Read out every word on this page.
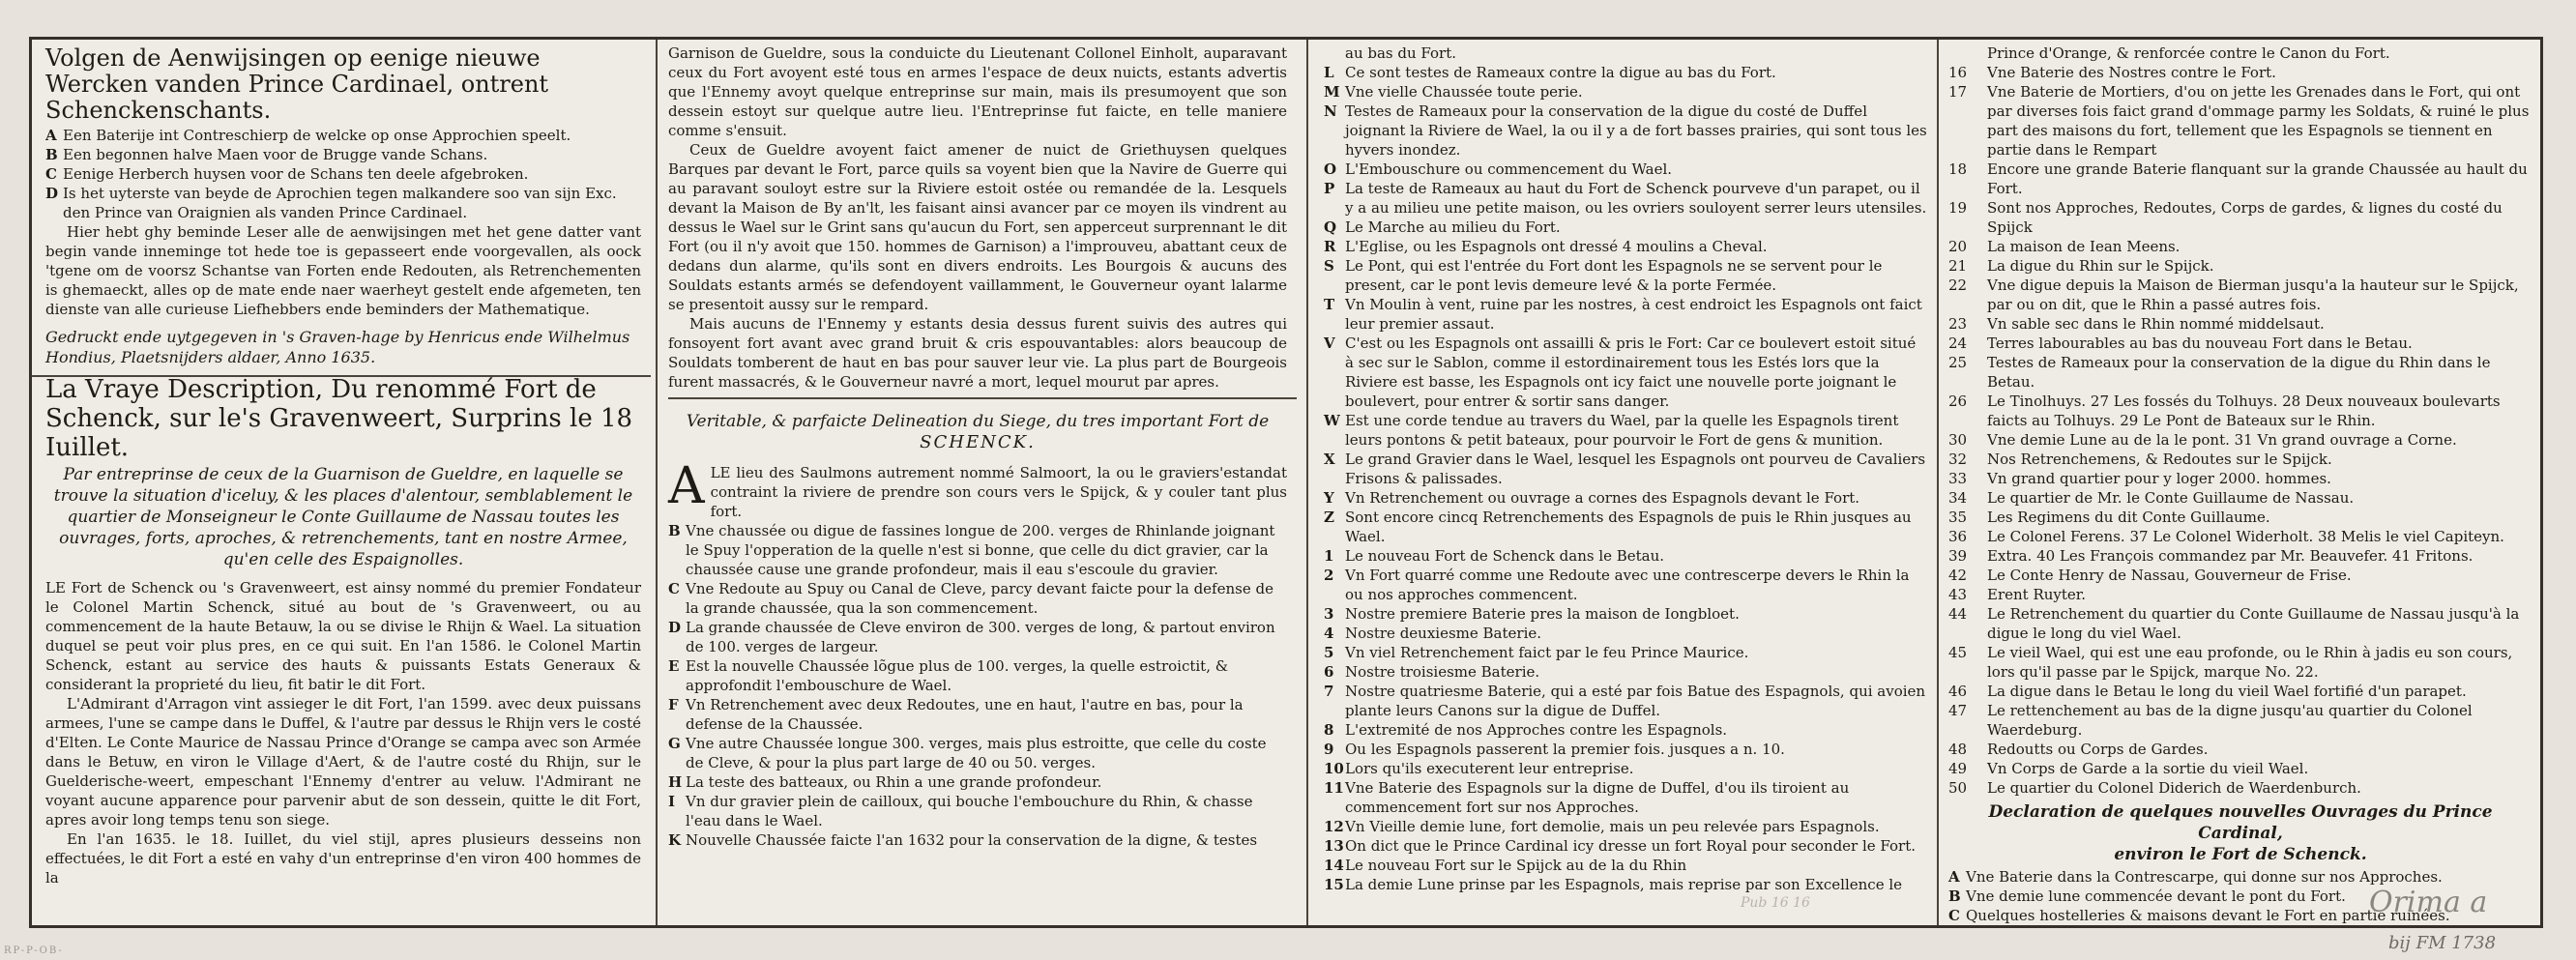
Volgen de Aenwijsingen op eenige nieuwe Wercken vanden Prince Cardinael, ontrent Schenckenschants.
A Een Baterije int Contreschierp de welcke op onse Approchien speelt.
B Een begonnen halve Maen voor de Brugge vande Schans.
C Eenige Herberch huysen voor de Schans ten deele afgebroken.
D Is het uyterste van beyde de Aprochien tegen malkandere soo van sijn Exc. den Prince van Oraignien als vanden Prince Cardinael.

Hier hebt ghy beminde Leser alle de aenwijsingen met het gene datter vant begin vande inneminge tot hede toe is gepasseert ende voorgevallen, als oock 'tgene om de voorsz Schantse van Forten ende Redouten, als Retrenchementen is ghemaeckt, alles op de mate ende naer waerheyt gestelt ende afgemeten, ten dienste van alle curieuse Liefhebbers ende beminders der Mathematique.

Gedruckt ende uytgegeven in 's Graven-hage by Henricus ende Wilhelmus Hondius, Plaetsnijders aldaer, Anno 1635.
La Vraye Description, Du renommé Fort de Schenck, sur le's Gravenweert, Surprins le 18 Iuillet.
Par entreprinse de ceux de la Guarnison de Gueldre, en laquelle se trouve la situation d'iceluy, & les places d'alentour, semblablement le quartier de Monseigneur le Conte Guillaume de Nassau toutes les ouvrages, forts, aproches, & retrenchements, tant en nostre Armee, qu'en celle des Espaignolles.

LE Fort de Schenck ou 's Gravenweert, est ainsy nommé du premier Fondateur le Colonel Martin Schenck, situé au bout de 's Gravenweert, ou au commencement de la haute Betauw, la ou se divise le Rhijn & Wael. La situation duquel se peut voir plus pres, en ce qui suit. En l'an 1586. le Colonel Martin Schenck, estant au service des hauts & puissants Estats Generaux & considerant la proprieté du lieu, fit batir le dit Fort.

L'Admirant d'Arragon vint assieger le dit Fort, l'an 1599. avec deux puissans armees, l'une se campe dans le Duffel, & l'autre par dessus le Rhijn vers le costé d'Elten. Le Conte Maurice de Nassau Prince d'Orange se campa avec son Armée dans le Betuw, en viron le Village d'Aert, & de l'autre costé du Rhijn, sur le Guelderische-weert, empeschant l'Ennemy d'entrer au veluw. l'Admirant ne voyant aucune apparence pour parvenir abut de son dessein, quitte le dit Fort, apres avoir long temps tenu son siege.

En l'an 1635. le 18. Iuillet, du viel stijl, apres plusieurs desseins non effectuées, le dit Fort a esté en vahy d'un entreprinse d'en viron 400 hommes de la

Garnison de Gueldre, sous la conduicte du Lieutenant Collonel Einholt, auparavant ceux du Fort avoyent esté tous en armes l'espace de deux nuicts, estants advertis que l'Ennemy avoyt quelque entreprinse sur main, mais ils presumoyent que son dessein estoyt sur quelque autre lieu. l'Entreprinse fut faicte, en telle maniere comme s'ensuit.

Ceux de Gueldre avoyent faict amener de nuict de Griethuysen quelques Barques par devant le Fort, parce quils sa voyent bien que la Navire de Guerre qui au paravant souloyt estre sur la Riviere estoit ostée ou remandée de la. Lesquels devant la Maison de By an'lt, les faisant ainsi avancer par ce moyen ils vindrent au dessus le Wael sur le Grint sans qu'aucun du Fort, sen apperceut surprennant le dit Fort (ou il n'y avoit que 150. hommes de Garnison) a l'improuveu, abattant ceux de dedans dun alarme, qu'ils sont en divers endroits. Les Bourgois & aucuns des Souldats estants armés se defendoyent vaillamment, le Gouverneur oyant lalarme se presentoit aussy sur le rempard.

Mais aucuns de l'Ennemy y estants desia dessus furent suivis des autres qui fonsoyent fort avant avec grand bruit & cris espouvantables: alors beaucoup de Souldats tomberent de haut en bas pour sauver leur vie. La plus part de Bourgeois furent massacrés, & le Gouverneur navré a mort, lequel mourut par apres.

Veritable, & parfaicte Delineation du Siege, du tres important Fort de
SCHENCK.
A LE lieu des Saulmons autrement nommé Salmoort, la ou le graviers'estandat contraint la riviere de prendre son cours vers le Spijck, & y couler tant plus fort.
B Vne chaussée ou digue de fassines longue de 200. verges de Rhinlande joignant le Spuy l'opperation de la quelle n'est si bonne, que celle du dict gravier, car la chaussée cause une grande profondeur, mais il eau s'escoule du gravier.
C Vne Redoute au Spuy ou Canal de Cleve, parcy devant faicte pour la defense de la grande chaussée, qua la son commencement.
D La grande chaussée de Cleve environ de 300. verges de long, & partout environ de 100. verges de largeur.
E Est la nouvelle Chaussée lõgue plus de 100. verges, la quelle estroictit, & approfondit l'embouschure de Wael.
F Vn Retrenchement avec deux Redoutes, une en haut, l'autre en bas, pour la defense de la Chaussée.
G Vne autre Chaussée longue 300. verges, mais plus estroitte, que celle du coste de Cleve, & pour la plus part large de 40 ou 50. verges.
H La teste des batteaux, ou Rhin a une grande profondeur.
I Vn dur gravier plein de cailloux, qui bouche l'embouchure du Rhin, & chasse l'eau dans le Wael.
K Nouvelle Chaussée faicte l'an 1632 pour la conservation de la digne, & testes
au bas du Fort.
L Ce sont testes de Rameaux contre la digue au bas du Fort.
M Vne vielle Chaussée toute perie.
N Testes de Rameaux pour la conservation de la digue du costé de Duffel joignant la Riviere de Wael, la ou il y a de fort basses prairies, qui sont tous les hyvers inondez.
O L'Embouschure ou commencement du Wael.
P La teste de Rameaux au haut du Fort de Schenck pourveve d'un parapet, ou il y a au milieu une petite maison, ou les ovriers souloyent serrer leurs utensiles.
Q Le Marche au milieu du Fort.
R L'Eglise, ou les Espagnols ont dressé 4 moulins a Cheval.
S Le Pont, qui est l'entrée du Fort dont les Espagnols ne se servent pour le present, car le pont levis demeure levé & la porte Fermée.
T Vn Moulin à vent, ruine par les nostres, à cest endroict les Espagnols ont faict leur premier assaut.
V C'est ou les Espagnols ont assailli & pris le Fort: Car ce boulevert estoit situé à sec sur le Sablon, comme il estordinairement tous les Estés lors que la Riviere est basse, les Espagnols ont icy faict une nouvelle porte joignant le boulevert, pour entrer & sortir sans danger.
W Est une corde tendue au travers du Wael, par la quelle les Espagnols tirent leurs pontons & petit bateaux, pour pourvoir le Fort de gens & munition.
X Le grand Gravier dans le Wael, lesquel les Espagnols ont pourveu de Cavaliers Frisons & palissades.
Y Vn Retrenchement ou ouvrage a cornes des Espagnols devant le Fort.
Z Sont encore cincq Retrenchements des Espagnols de puis le Rhin jusques au Wael.
1 Le nouveau Fort de Schenck dans le Betau.
2 Vn Fort quarré comme une Redoute avec une contrescerpe devers le Rhin la ou nos approches commencent.
3 Nostre premiere Baterie pres la maison de Iongbloet.
4 Nostre deuxiesme Baterie.
5 Vn viel Retrenchement faict par le feu Prince Maurice.
6 Nostre troisiesme Baterie.
7 Nostre quatriesme Baterie, qui a esté par fois Batue des Espagnols, qui avoien plante leurs Canons sur la digue de Duffel.
8 L'extremité de nos Approches contre les Espagnols.
9 Ou les Espagnols passerent la premier fois. jusques a n. 10.
10 Lors qu'ils executerent leur entreprise.
11 Vne Baterie des Espagnols sur la digne de Duffel, d'ou ils tiroient au commencement fort sur nos Approches.
12 Vn Vieille demie lune, fort demolie, mais un peu relevée pars Espagnols.
13 On dict que le Prince Cardinal icy dresse un fort Royal pour seconder le Fort.
14 Le nouveau Fort sur le Spijck au de la du Rhin
15 La demie Lune prinse par les Espagnols, mais reprise par son Excellence le
Prince d'Orange, & renforcée contre le Canon du Fort.
16	Vne Baterie des Nostres contre le Fort.
17	Vne Baterie de Mortiers, d'ou on jette les Grenades dans le Fort, qui ont par diverses fois faict grand d'ommage parmy les Soldats, & ruiné le plus part des maisons du fort, tellement que les Espagnols se tiennent en partie dans le Rempart
18	Encore une grande Baterie flanquant sur la grande Chaussée au hault du Fort.
19	Sont nos Approches, Redoutes, Corps de gardes, & lignes du costé du Spijck
20	La maison de Iean Meens.
21	La digue du Rhin sur le Spijck.
22	Vne digue depuis la Maison de Bierman jusqu'a la hauteur sur le Spijck, par ou on dit, que le Rhin a passé autres fois.
23	Vn sable sec dans le Rhin nommé middelsaut.
24	Terres labourables au bas du nouveau Fort dans le Betau.
25	Testes de Rameaux pour la conservation de la digue du Rhin dans le Betau.
26	Le Tinolhuys. 27 Les fossés du Tolhuys. 28 Deux nouveaux boulevarts faicts au Tolhuys. 29 Le Pont de Bateaux sur le Rhin.
30	Vne demie Lune au de la le pont. 31 Vn grand ouvrage a Corne.
32	Nos Retrenchemens, & Redoutes sur le Spijck.
33	Vn grand quartier pour y loger 2000. hommes.
34	Le quartier de Mr. le Conte Guillaume de Nassau.
35	Les Regimens du dit Conte Guillaume.
36	Le Colonel Ferens. 37 Le Colonel Widerholt. 38 Melis le viel Capiteyn.
39	Extra. 40 Les François commandez par Mr. Beauvefer. 41 Fritons.
42	Le Conte Henry de Nassau, Gouverneur de Frise.
43	Erent Ruyter.
44	Le Retrenchement du quartier du Conte Guillaume de Nassau jusqu'à la digue le long du viel Wael.
45	Le vieil Wael, qui est une eau profonde, ou le Rhin à jadis eu son cours, lors qu'il passe par le Spijck, marque No. 22.
46	La digue dans le Betau le long du vieil Wael fortifié d'un parapet.
47	Le rettenchement au bas de la digne jusqu'au quartier du Colonel Waerdeburg.
48	Redoutts ou Corps de Gardes.
49	Vn Corps de Garde a la sortie du vieil Wael.
50	Le quartier du Colonel Diderich de Waerdenburch.
Declaration de quelques nouvelles Ouvrages du Prince Cardinal,
environ le Fort de Schenck.
A Vne Baterie dans la Contrescarpe, qui donne sur nos Approches.
B Vne demie lune commencée devant le pont du Fort.
C Quelques hostelleries & maisons devant le Fort en partie ruinées.
Orima a
bij FM 1738
RP-P-OB-
Pub 16 16
